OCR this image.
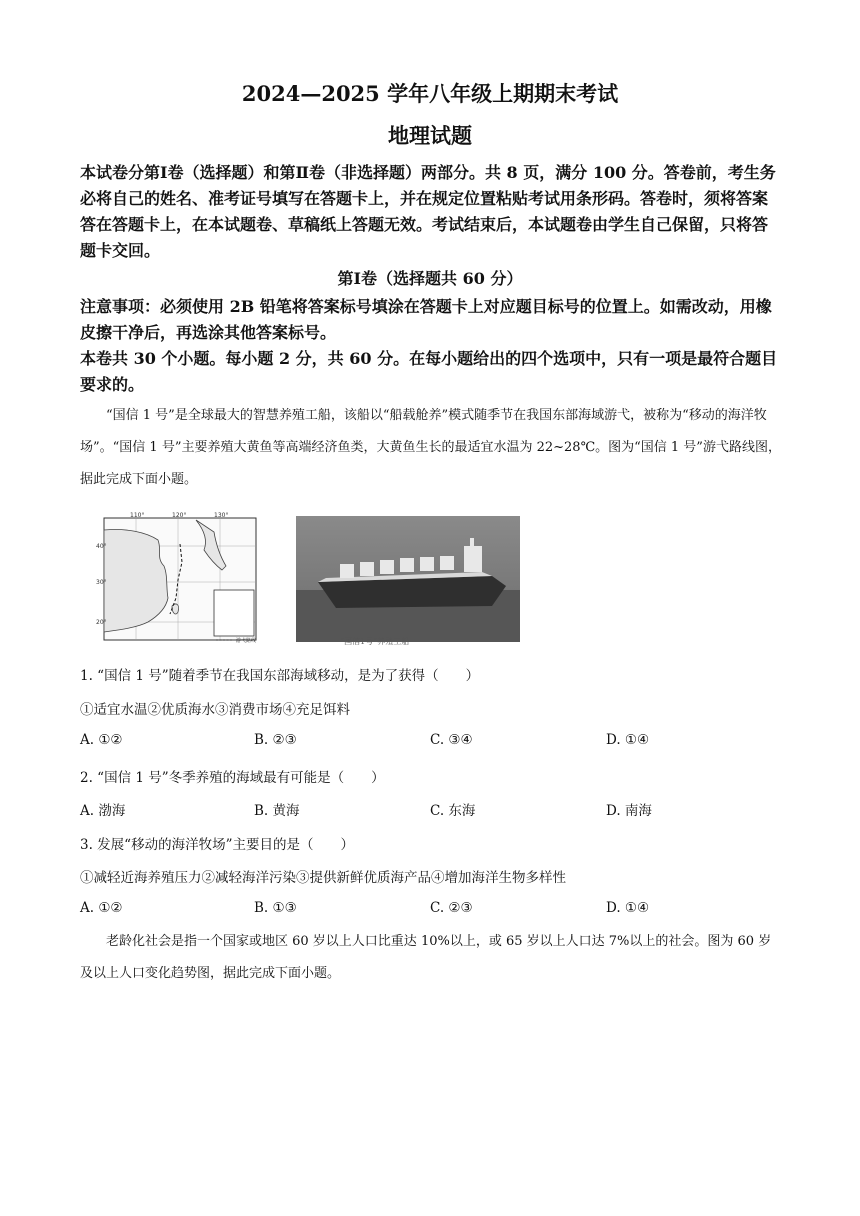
2024—2025 学年八年级上期期末考试
地理试题
本试卷分第Ⅰ卷（选择题）和第Ⅱ卷（非选择题）两部分。共 8 页，满分 100 分。答卷前，考生务必将自己的姓名、准考证号填写在答题卡上，并在规定位置粘贴考试用条形码。答卷时，须将答案答在答题卡上，在本试题卷、草稿纸上答题无效。考试结束后，本试题卷由学生自己保留，只将答题卡交回。
第Ⅰ卷（选择题共 60 分）
注意事项：必须使用 2B 铅笔将答案标号填涂在答题卡上对应题目标号的位置上。如需改动，用橡皮擦干净后，再选涂其他答案标号。
本卷共 30 个小题。每小题 2 分，共 60 分。在每小题给出的四个选项中，只有一项是最符合题目要求的。
“国信 1 号”是全球最大的智慧养殖工船，该船以“船载舱养”模式随季节在我国东部海域游弋，被称为“移动的海洋牧场”。“国信 1 号”主要养殖大黄鱼等高端经济鱼类，大黄鱼生长的最适宜水温为 22~28℃。图为“国信 1 号”游弋路线图，据此完成下面小题。
110°	120°	130°
40°
30°
20°
游弋路线	“国信1号”养殖工船
1. “国信 1 号”随着季节在我国东部海域移动，是为了获得（　　）
①适宜水温②优质海水③消费市场④充足饵料
A. ①②	B. ②③	C. ③④	D. ①④
2. “国信 1 号”冬季养殖的海域最有可能是（　　）
A. 渤海	B. 黄海	C. 东海	D. 南海
3. 发展“移动的海洋牧场”主要目的是（　　）
①减轻近海养殖压力②减轻海洋污染③提供新鲜优质海产品④增加海洋生物多样性
A. ①②	B. ①③	C. ②③	D. ①④
老龄化社会是指一个国家或地区 60 岁以上人口比重达 10%以上，或 65 岁以上人口达 7%以上的社会。图为 60 岁及以上人口变化趋势图，据此完成下面小题。
